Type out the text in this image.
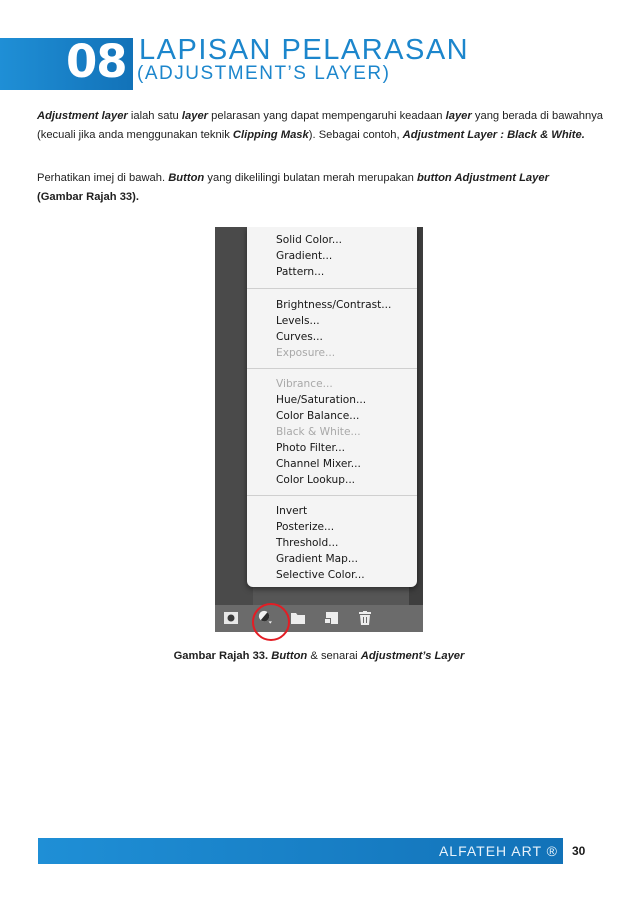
08 LAPISAN PELARASAN
(ADJUSTMENT’S LAYER)
Adjustment layer ialah satu layer pelarasan yang dapat mempengaruhi keadaan layer yang berada di bawahnya (kecuali jika anda menggunakan teknik Clipping Mask). Sebagai contoh, Adjustment Layer : Black & White.
Perhatikan imej di bawah. Button yang dikelilingi bulatan merah merupakan button Adjustment Layer
(Gambar Rajah 33).
Solid Color...
Gradient...
Pattern...
Brightness/Contrast...
Levels...
Curves...
Exposure...
Vibrance...
Hue/Saturation...
Color Balance...
Black & White...
Photo Filter...
Channel Mixer...
Color Lookup...
Invert
Posterize...
Threshold...
Gradient Map...
Selective Color...
Gambar Rajah 33. Button & senarai Adjustment’s Layer
ALFATEH ART ® 30
